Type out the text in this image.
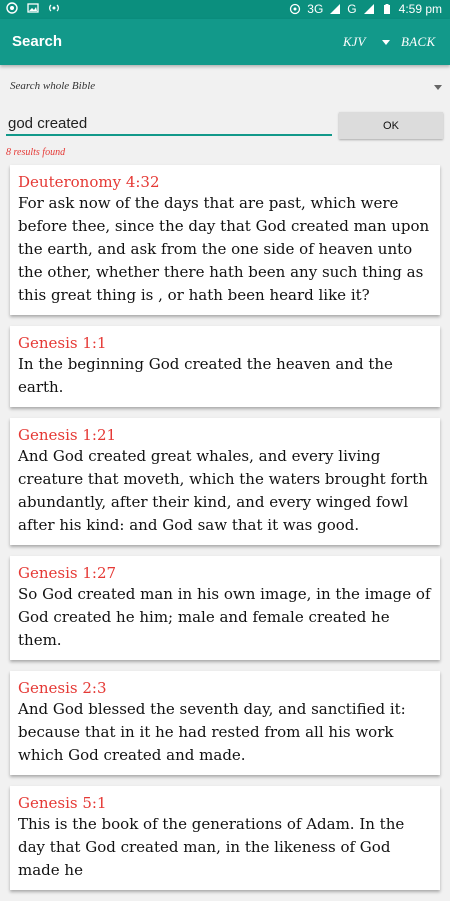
3G G	4:59 pm
Search	KJV	BACK
Search whole Bible
god created
OK
8 results found
Deuteronomy 4:32
For ask now of the days that are past, which were before thee, since the day that God created man upon the earth, and ask from the one side of heaven unto the other, whether there hath been any such thing as this great thing is , or hath been heard like it?
Genesis 1:1
In the beginning God created the heaven and the earth.
Genesis 1:21
And God created great whales, and every living creature that moveth, which the waters brought forth abundantly, after their kind, and every winged fowl after his kind: and God saw that it was good.
Genesis 1:27
So God created man in his own image, in the image of God created he him; male and female created he them.
Genesis 2:3
And God blessed the seventh day, and sanctified it: because that in it he had rested from all his work which God created and made.
Genesis 5:1
This is the book of the generations of Adam. In the day that God created man, in the likeness of God made he
